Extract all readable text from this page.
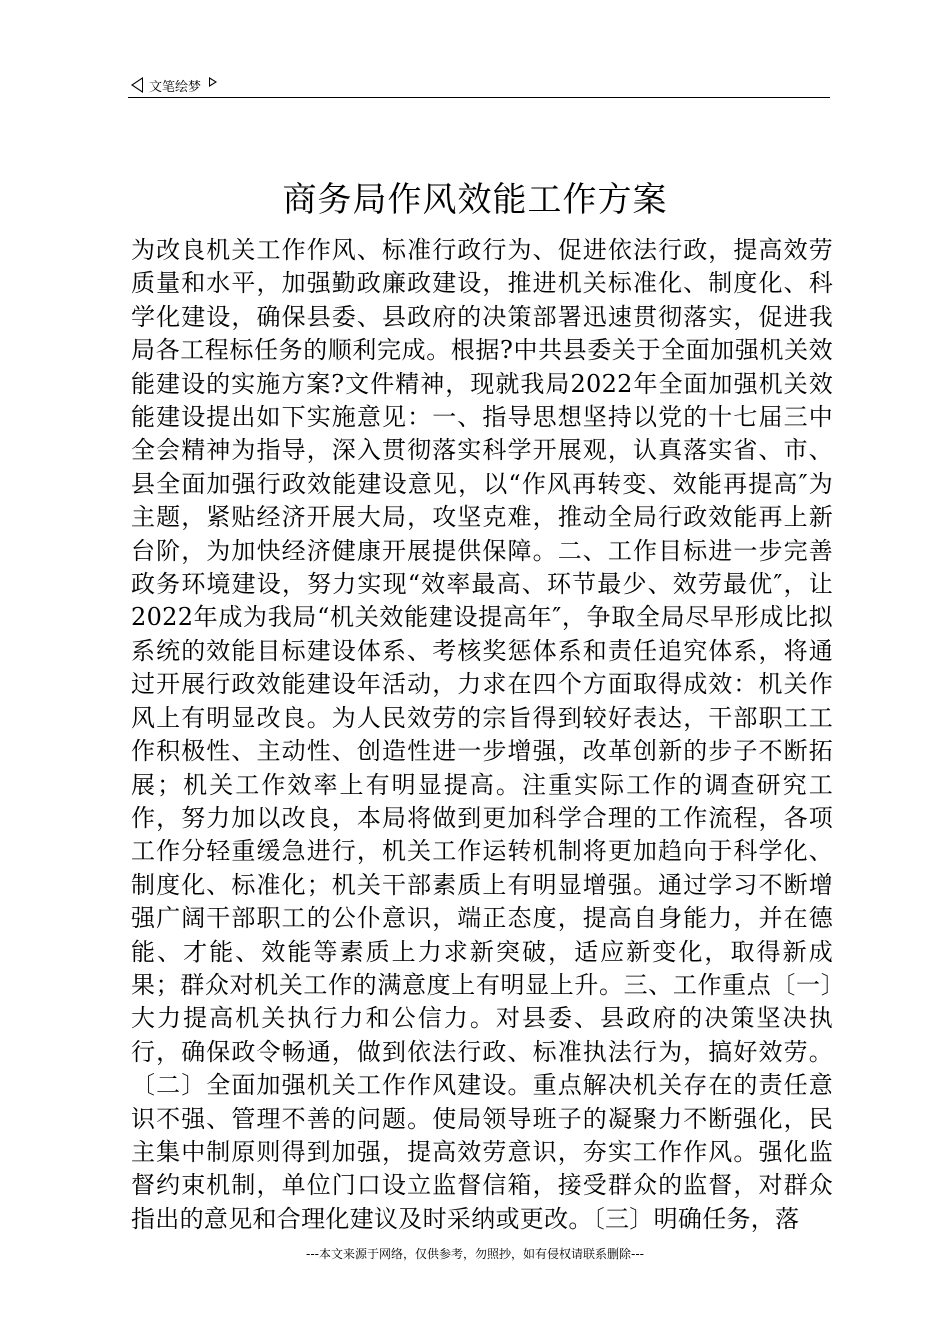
文笔绘梦
商务局作风效能工作方案

为改良机关工作作风、标准行政行为、促进依法行政，提高效劳质量和水平，加强勤政廉政建设，推进机关标准化、制度化、科学化建设，确保县委、县政府的决策部署迅速贯彻落实，促进我局各工程标任务的顺利完成。根据?中共县委关于全面加强机关效能建设的实施方案?文件精神，现就我局2022年全面加强机关效能建设提出如下实施意见：一、指导思想坚持以党的十七届三中全会精神为指导，深入贯彻落实科学开展观，认真落实省、市、县全面加强行政效能建设意见，以“作风再转变、效能再提高″为主题，紧贴经济开展大局，攻坚克难，推动全局行政效能再上新台阶，为加快经济健康开展提供保障。二、工作目标进一步完善政务环境建设，努力实现“效率最高、环节最少、效劳最优″，让2022年成为我局“机关效能建设提高年″，争取全局尽早形成比拟系统的效能目标建设体系、考核奖惩体系和责任追究体系，将通过开展行政效能建设年活动，力求在四个方面取得成效：机关作风上有明显改良。为人民效劳的宗旨得到较好表达，干部职工工作积极性、主动性、创造性进一步增强，改革创新的步子不断拓展；机关工作效率上有明显提高。注重实际工作的调查研究工作，努力加以改良，本局将做到更加科学合理的工作流程，各项工作分轻重缓急进行，机关工作运转机制将更加趋向于科学化、制度化、标准化；机关干部素质上有明显增强。通过学习不断增强广阔干部职工的公仆意识，端正态度，提高自身能力，并在德能、才能、效能等素质上力求新突破，适应新变化，取得新成果；群众对机关工作的满意度上有明显上升。三、工作重点〔一〕大力提高机关执行力和公信力。对县委、县政府的决策坚决执行，确保政令畅通，做到依法行政、标准执法行为，搞好效劳。〔二〕全面加强机关工作作风建设。重点解决机关存在的责任意识不强、管理不善的问题。使局领导班子的凝聚力不断强化，民主集中制原则得到加强，提高效劳意识，夯实工作作风。强化监督约束机制，单位门口设立监督信箱，接受群众的监督，对群众指出的意见和合理化建议及时采纳或更改。〔三〕明确任务，落

---本文来源于网络，仅供参考，勿照抄，如有侵权请联系删除---
